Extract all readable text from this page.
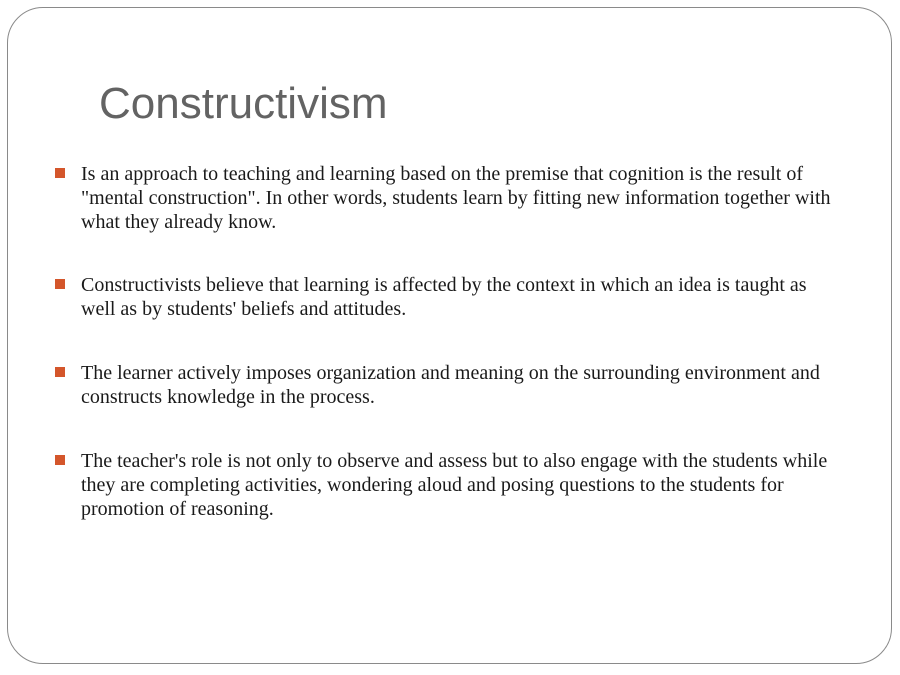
Constructivism
Is an approach to teaching and learning based on the premise that cognition is the result of "mental construction". In other words, students learn by fitting new information together with what they already know.
Constructivists believe that learning is affected by the context in which an idea is taught as well as by students' beliefs and attitudes.
The learner actively imposes organization and meaning on the surrounding environment and constructs knowledge in the process.
The teacher's role is not only to observe and assess but to also engage with the students while they are completing activities, wondering aloud and posing questions to the students for promotion of reasoning.
